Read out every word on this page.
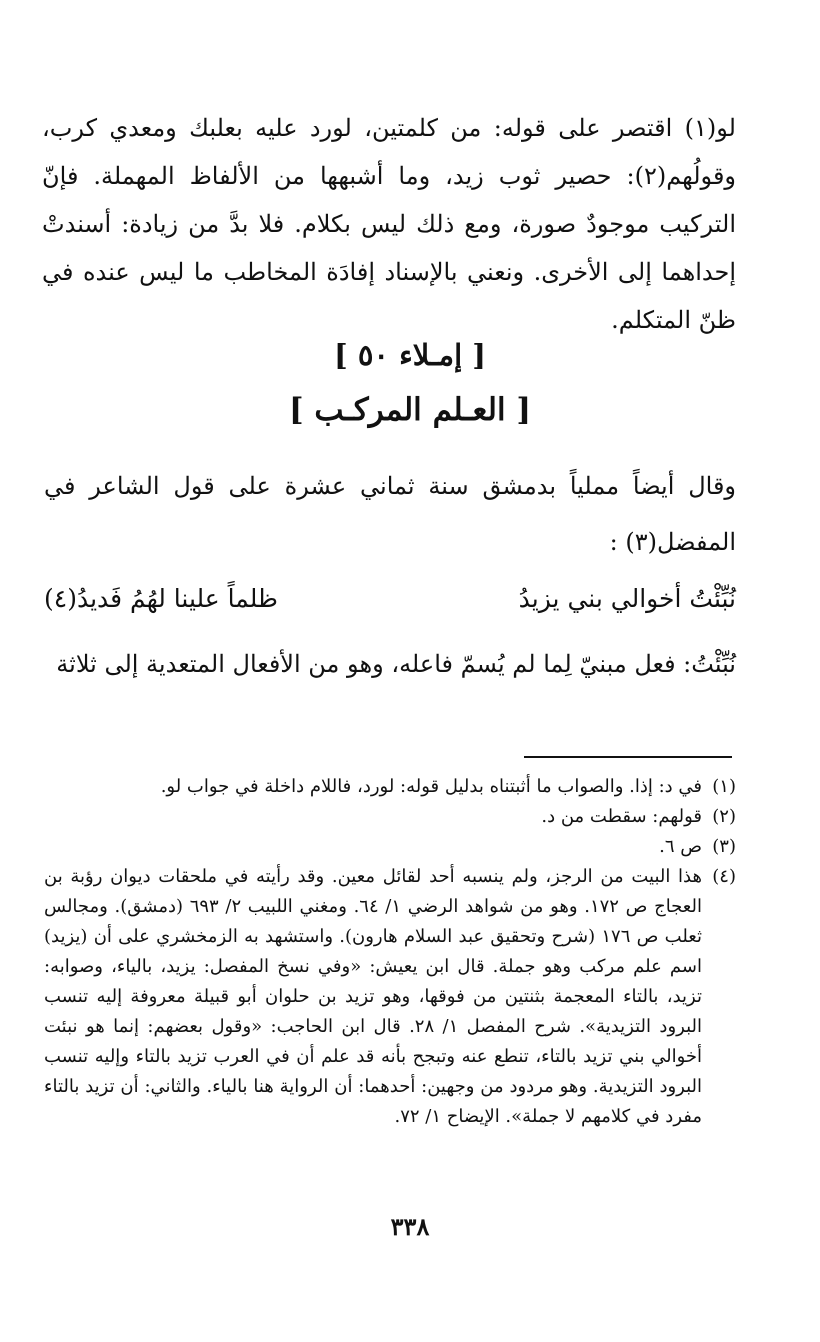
لو(١) اقتصر على قوله: من كلمتين، لورد عليه بعلبك ومعدي كرب، وقولُهم(٢): حصير ثوب زيد، وما أشبهها من الألفاظ المهملة. فإنّ التركيب موجودٌ صورة، ومع ذلك ليس بكلام. فلا بدَّ من زيادة: أسندتْ إحداهما إلى الأخرى. ونعني بالإسناد إفادَة المخاطب ما ليس عنده في ظنّ المتكلم.

[ إمـلاء ٥٠ ]
[ العـلم المركـب ]

وقال أيضاً مملياً بدمشق سنة ثماني عشرة على قول الشاعر في المفضل(٣) :

نُبِّئْتُ أخوالي بني يزيدُ
ظلماً علينا لهُمُ فَديدُ(٤)

نُبِّئْتُ: فعل مبنيّ لِما لم يُسمّ فاعله، وهو من الأفعال المتعدية إلى ثلاثة

(١)
في د: إذا. والصواب ما أثبتناه بدليل قوله: لورد، فاللام داخلة في جواب لو.
(٢)
قولهم: سقطت من د.
(٣)
ص ٦.
(٤)
هذا البيت من الرجز، ولم ينسبه أحد لقائل معين. وقد رأيته في ملحقات ديوان رؤبة بن العجاج ص ١٧٢. وهو من شواهد الرضي ١/ ٦٤. ومغني اللبيب ٢/ ٦٩٣ (دمشق). ومجالس ثعلب ص ١٧٦ (شرح وتحقيق عبد السلام هارون). واستشهد به الزمخشري على أن (يزيد) اسم علم مركب وهو جملة. قال ابن يعيش: «وفي نسخ المفصل: يزيد، بالياء، وصوابه: تزيد، بالتاء المعجمة بثنتين من فوقها، وهو تزيد بن حلوان أبو قبيلة معروفة إليه تنسب البرود التزيدية». شرح المفصل ١/ ٢٨. قال ابن الحاجب: «وقول بعضهم: إنما هو نبئت أخوالي بني تزيد بالتاء، تنطع عنه وتبجح بأنه قد علم أن في العرب تزيد بالتاء وإليه تنسب البرود التزيدية. وهو مردود من وجهين: أحدهما: أن الرواية هنا بالياء. والثاني: أن تزيد بالتاء مفرد في كلامهم لا جملة». الإيضاح ١/ ٧٢.
٣٣٨
